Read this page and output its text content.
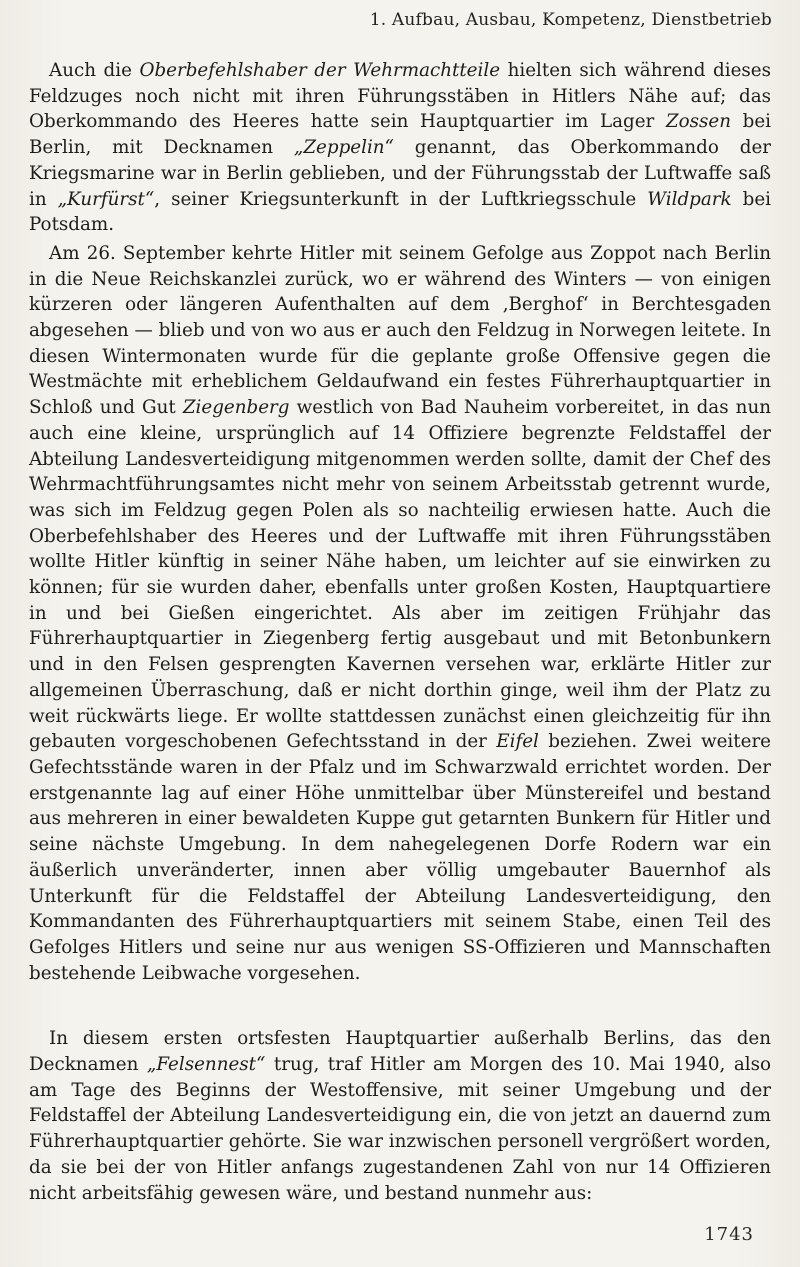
1. Aufbau, Ausbau, Kompetenz, Dienstbetrieb

Auch die Oberbefehlshaber der Wehrmachtteile hielten sich während dieses Feldzuges noch nicht mit ihren Führungsstäben in Hitlers Nähe auf; das Oberkommando des Heeres hatte sein Hauptquartier im Lager Zossen bei Berlin, mit Decknamen „Zeppelin“ genannt, das Oberkommando der Kriegsmarine war in Berlin geblieben, und der Führungsstab der Luftwaffe saß in „Kurfürst“, seiner Kriegsunterkunft in der Luftkriegsschule Wildpark bei Potsdam.

Am 26. September kehrte Hitler mit seinem Gefolge aus Zoppot nach Berlin in die Neue Reichskanzlei zurück, wo er während des Winters — von einigen kürzeren oder längeren Aufenthalten auf dem ‚Berghof‘ in Berchtesgaden abgesehen — blieb und von wo aus er auch den Feldzug in Norwegen leitete. In diesen Wintermonaten wurde für die geplante große Offensive gegen die Westmächte mit erheblichem Geldaufwand ein festes Führerhauptquartier in Schloß und Gut Ziegenberg westlich von Bad Nauheim vorbereitet, in das nun auch eine kleine, ursprünglich auf 14 Offiziere begrenzte Feldstaffel der Abteilung Landesverteidigung mitgenommen werden sollte, damit der Chef des Wehrmachtführungsamtes nicht mehr von seinem Arbeitsstab getrennt wurde, was sich im Feldzug gegen Polen als so nachteilig erwiesen hatte. Auch die Oberbefehlshaber des Heeres und der Luftwaffe mit ihren Führungsstäben wollte Hitler künftig in seiner Nähe haben, um leichter auf sie einwirken zu können; für sie wurden daher, ebenfalls unter großen Kosten, Hauptquartiere in und bei Gießen eingerichtet. Als aber im zeitigen Frühjahr das Führerhauptquartier in Ziegenberg fertig ausgebaut und mit Betonbunkern und in den Felsen gesprengten Kavernen versehen war, erklärte Hitler zur allgemeinen Überraschung, daß er nicht dorthin ginge, weil ihm der Platz zu weit rückwärts liege. Er wollte stattdessen zunächst einen gleichzeitig für ihn gebauten vorgeschobenen Gefechtsstand in der Eifel beziehen. Zwei weitere Gefechtsstände waren in der Pfalz und im Schwarzwald errichtet worden. Der erstgenannte lag auf einer Höhe unmittelbar über Münstereifel und bestand aus mehreren in einer bewaldeten Kuppe gut getarnten Bunkern für Hitler und seine nächste Umgebung. In dem nahegelegenen Dorfe Rodern war ein äußerlich unveränderter, innen aber völlig umgebauter Bauernhof als Unterkunft für die Feldstaffel der Abteilung Landesverteidigung, den Kommandanten des Führerhauptquartiers mit seinem Stabe, einen Teil des Gefolges Hitlers und seine nur aus wenigen SS-Offizieren und Mannschaften bestehende Leibwache vorgesehen.

In diesem ersten ortsfesten Hauptquartier außerhalb Berlins, das den Decknamen „Felsennest“ trug, traf Hitler am Morgen des 10. Mai 1940, also am Tage des Beginns der Westoffensive, mit seiner Umgebung und der Feldstaffel der Abteilung Landesverteidigung ein, die von jetzt an dauernd zum Führerhauptquartier gehörte. Sie war inzwischen personell vergrößert worden, da sie bei der von Hitler anfangs zugestandenen Zahl von nur 14 Offizieren nicht arbeitsfähig gewesen wäre, und bestand nunmehr aus:

1743
